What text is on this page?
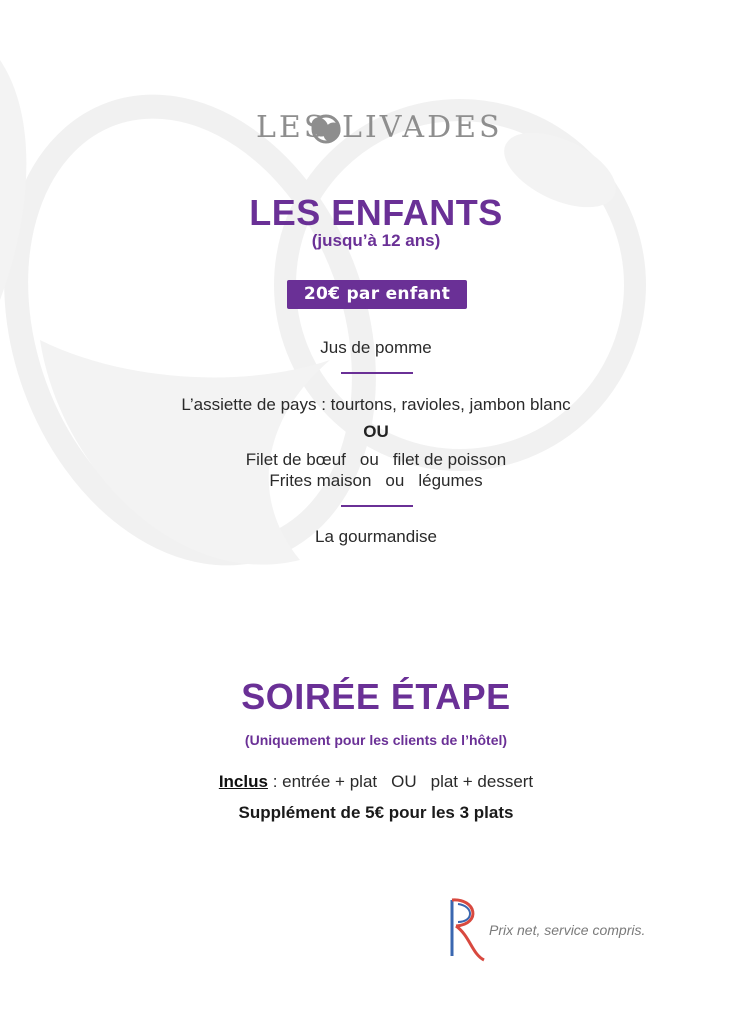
LES LIVADES
LES ENFANTS
(jusqu’à 12 ans)
20€ par enfant
Jus de pomme
L’assiette de pays : tourtons, ravioles, jambon blanc
OU
Filet de bœuf ou filet de poisson
Frites maison ou légumes
La gourmandise
SOIRÉE ÉTAPE
(Uniquement pour les clients de l’hôtel)
Inclus : entrée + plat OU plat + dessert
Supplément de 5€ pour les 3 plats
Prix net, service compris.
